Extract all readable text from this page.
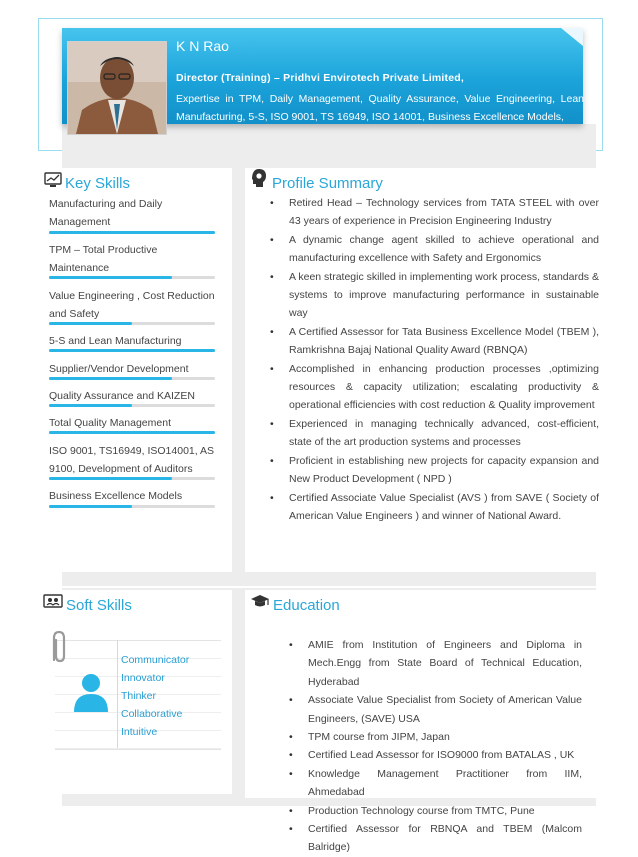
K N Rao
Director (Training) – Pridhvi Envirotech Private Limited,
Expertise in TPM, Daily Management, Quality Assurance, Value Engineering, Lean Manufacturing, 5-S, ISO 9001, TS 16949, ISO 14001, Business Excellence Models,
Key Skills
Manufacturing and Daily Management
TPM – Total Productive Maintenance
Value Engineering , Cost Reduction and Safety
5-S and Lean Manufacturing
Supplier/Vendor Development
Quality Assurance and KAIZEN
Total Quality Management
ISO 9001, TS16949, ISO14001, AS 9100, Development of Auditors
Business Excellence Models
Profile Summary
• Retired Head – Technology services from TATA STEEL with over 43 years of experience in Precision Engineering Industry
• A dynamic change agent skilled to achieve operational and manufacturing excellence with Safety and Ergonomics
• A keen strategic skilled in implementing work process, standards & systems to improve manufacturing performance in sustainable way
• A Certified Assessor for Tata Business Excellence Model (TBEM ), Ramkrishna Bajaj National Quality Award (RBNQA)
• Accomplished in enhancing production processes ,optimizing resources & capacity utilization; escalating productivity & operational efficiencies with cost reduction & Quality improvement
• Experienced in managing technically advanced, cost-efficient, state of the art production systems and processes
• Proficient in establishing new projects for capacity expansion and New Product Development ( NPD )
• Certified Associate Value Specialist (AVS ) from SAVE ( Society of American Value Engineers ) and winner of National Award.
Soft Skills
Communicator
Innovator
Thinker
Collaborative
Intuitive
Education
• AMIE from Institution of Engineers and Diploma in Mech.Engg from State Board of Technical Education, Hyderabad
• Associate Value Specialist from Society of American Value Engineers, (SAVE) USA
• TPM course from JIPM, Japan
• Certified Lead Assessor for ISO9000 from BATALAS , UK
• Knowledge Management Practitioner from IIM, Ahmedabad
• Production Technology course from TMTC, Pune
• Certified Assessor for RBNQA and TBEM (Malcom Balridge)
